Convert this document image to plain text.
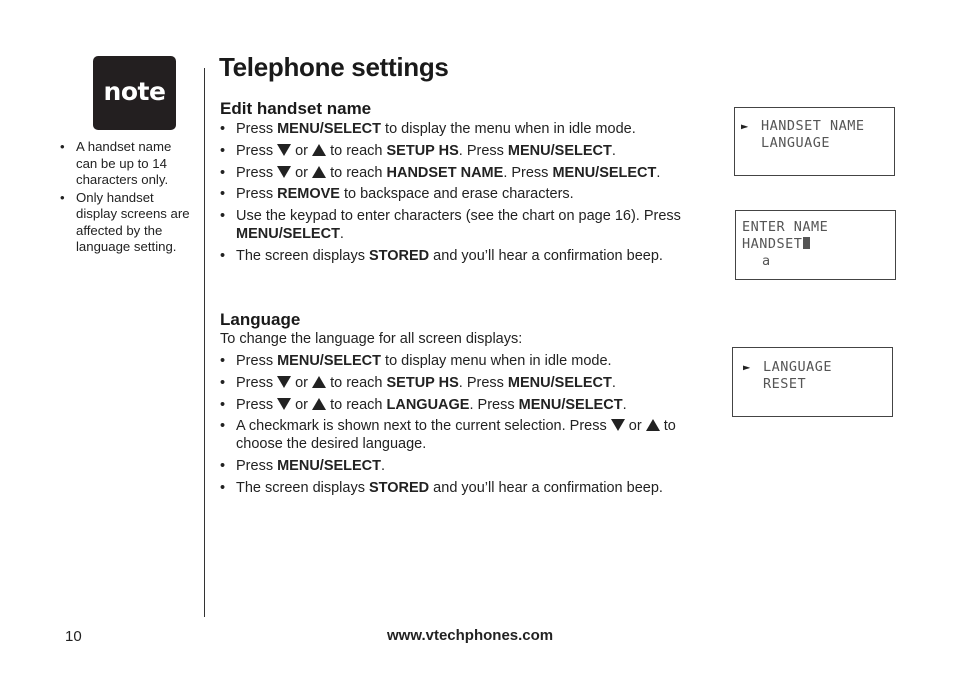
note
• A handset name can be up to 14 characters only.
• Only handset display screens are affected by the language setting.
Telephone settings
Edit handset name
• Press MENU/SELECT to display the menu when in idle mode.
• Press  or  to reach SETUP HS. Press MENU/SELECT.
• Press  or  to reach HANDSET NAME. Press MENU/SELECT.
• Press REMOVE to backspace and erase characters.
• Use the keypad to enter characters (see the chart on page 16). Press MENU/SELECT.
• The screen displays STORED and you’ll hear a confirmation beep.
Language

To change the language for all screen displays:

• Press MENU/SELECT to display menu when in idle mode.
• Press  or  to reach SETUP HS. Press MENU/SELECT.
• Press  or  to reach LANGUAGE. Press MENU/SELECT.
• A checkmark is shown next to the current selection. Press  or  to choose the desired language.
• Press MENU/SELECT.
• The screen displays STORED and you’ll hear a confirmation beep.
► HANDSET NAME
LANGUAGE
ENTER NAME
HANDSET
a
► LANGUAGE
RESET
10	www.vtechphones.com
